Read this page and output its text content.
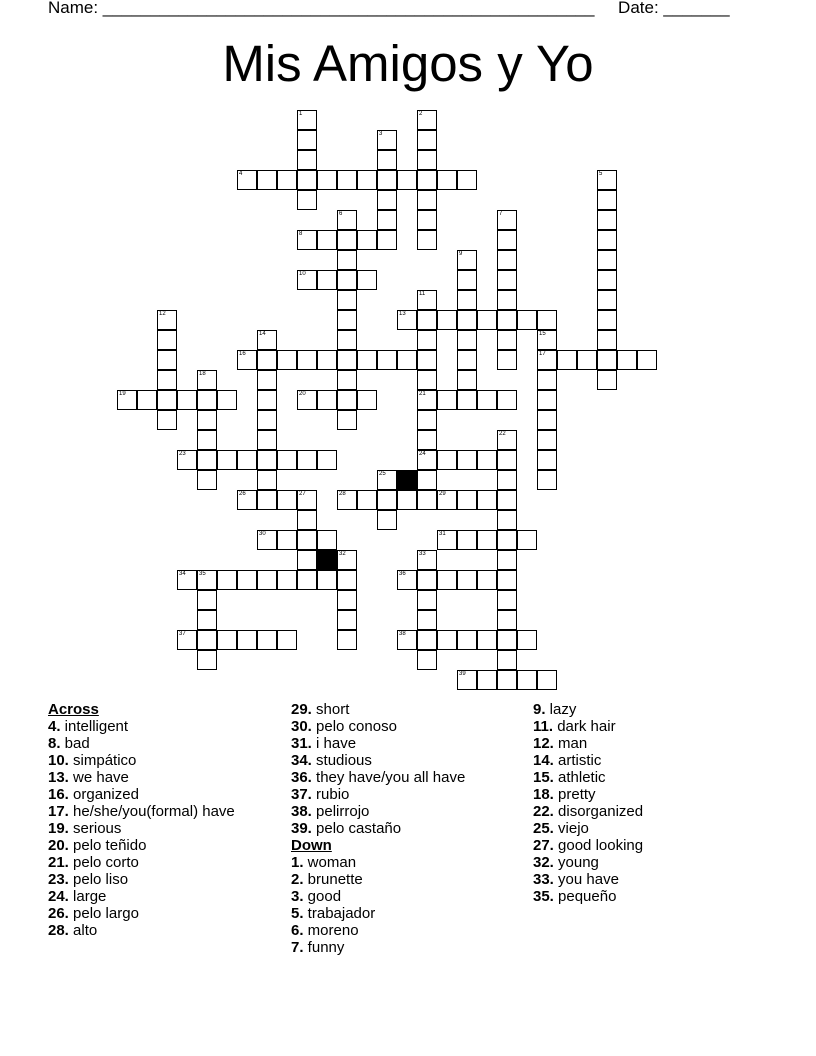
Name: ____________________________________________________     Date: _______
Mis Amigos y Yo
1	2
3
4	5
6	7
8
9
10
11
21
24
12	13
14	15
17
16
18
19	20
22
23
25
26	27	28	29
30	31
32	33
34 35	36
37	38
39
Across
4. intelligent
8. bad
10. simpático
13. we have
16. organized
17. he/she/you(formal) have
19. serious
20. pelo teñido
21. pelo corto
23. pelo liso
24. large
26. pelo largo
28. alto
29. short
30. pelo conoso
31. i have
34. studious
36. they have/you all have
37. rubio
38. pelirrojo
39. pelo castaño
Down
1. woman
2. brunette
3. good
5. trabajador
6. moreno
7. funny
9. lazy
11. dark hair
12. man
14. artistic
15. athletic
18. pretty
22. disorganized
25. viejo
27. good looking
32. young
33. you have
35. pequeño
